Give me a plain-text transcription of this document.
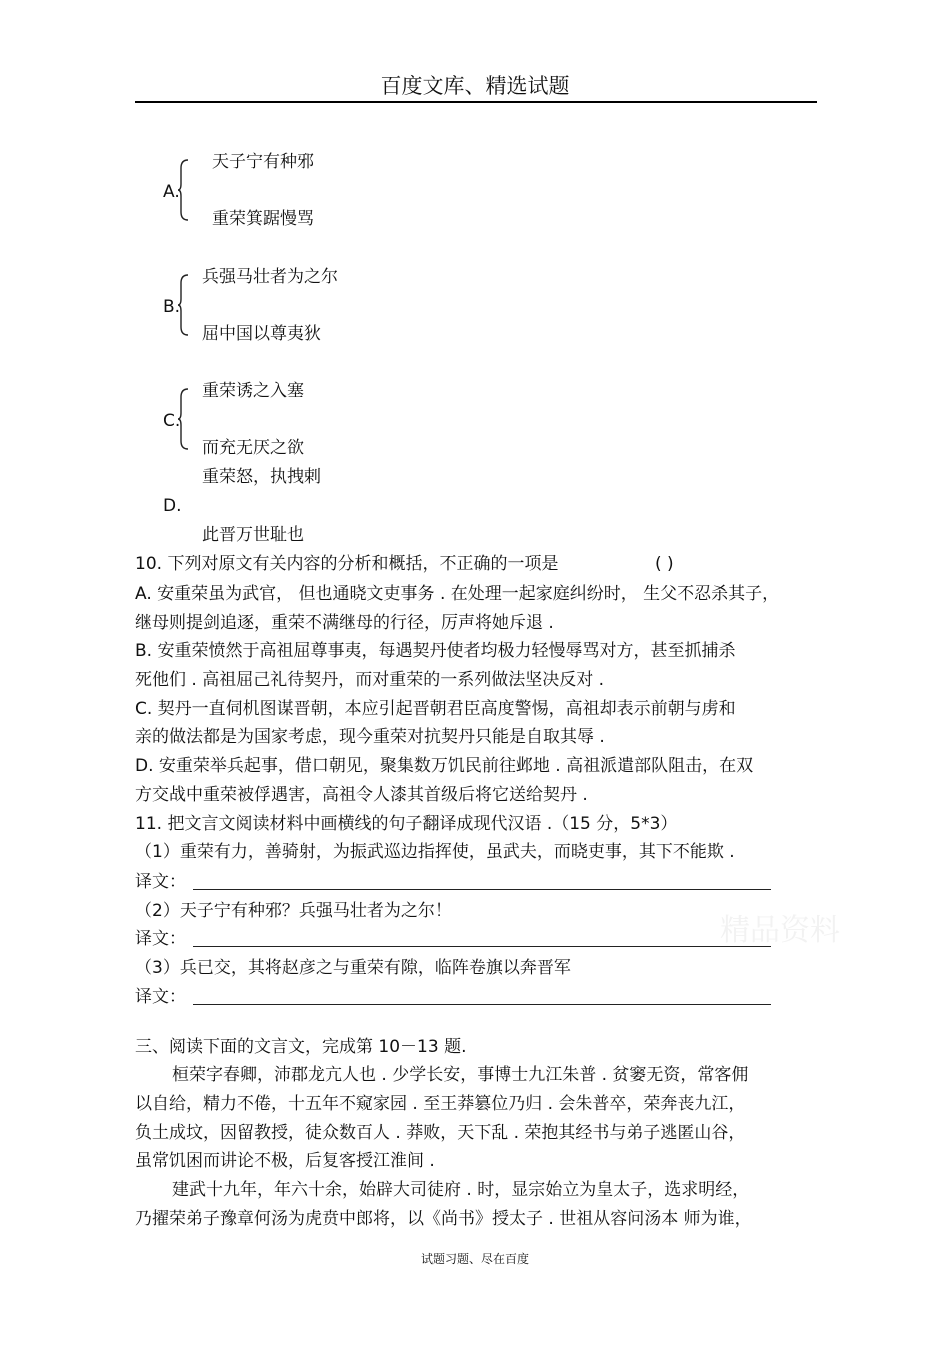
百度文库、精选试题
A.
天子宁有种邪
重荣箕踞慢骂
B.
兵强马壮者为之尔
屈中国以尊夷狄
C.
重荣诱之入塞
而充无厌之欲
重荣怒，执拽剌
D.
此晋万世耻也
10. 下列对原文有关内容的分析和概括，不正确的一项是	( )
A. 安重荣虽为武官， 但也通晓文吏事务 . 在处理一起家庭纠纷时， 生父不忍杀其子，
继母则提剑追逐，重荣不满继母的行径，厉声将她斥退 .
B. 安重荣愤然于高祖屈尊事夷，每遇契丹使者均极力轻慢辱骂对方，甚至抓捕杀
死他们 . 高祖屈己礼待契丹，而对重荣的一系列做法坚决反对 .
C. 契丹一直伺机图谋晋朝，本应引起晋朝君臣高度警惕，高祖却表示前朝与虏和
亲的做法都是为国家考虑，现今重荣对抗契丹只能是自取其辱 .
D. 安重荣举兵起事，借口朝见，聚集数万饥民前往邺地 . 高祖派遣部队阻击，在双
方交战中重荣被俘遇害，高祖令人漆其首级后将它送给契丹 .
11. 把文言文阅读材料中画横线的句子翻译成现代汉语 .（15 分，5*3）
（1）重荣有力，善骑射，为振武巡边指挥使，虽武夫，而晓吏事，其下不能欺 .
译文：
（2）天子宁有种邪？兵强马壮者为之尔！
译文：	精品资料
（3）兵已交，其将赵彦之与重荣有隙，临阵卷旗以奔晋军
译文：
三、阅读下面的文言文，完成第 10－13 题.
桓荣字春卿，沛郡龙亢人也 . 少学长安，事博士九江朱普 . 贫窭无资，常客佣
以自给，精力不倦，十五年不窥家园 . 至王莽篡位乃归 . 会朱普卒，荣奔丧九江，
负土成坟，因留教授，徒众数百人 . 莽败，天下乱 . 荣抱其经书与弟子逃匿山谷，
虽常饥困而讲论不极，后复客授江淮间 .
建武十九年，年六十余，始辟大司徒府 . 时，显宗始立为皇太子，选求明经，
乃擢荣弟子豫章何汤为虎贲中郎将，以《尚书》授太子 . 世祖从容问汤本 师为谁，
试题习题、尽在百度
